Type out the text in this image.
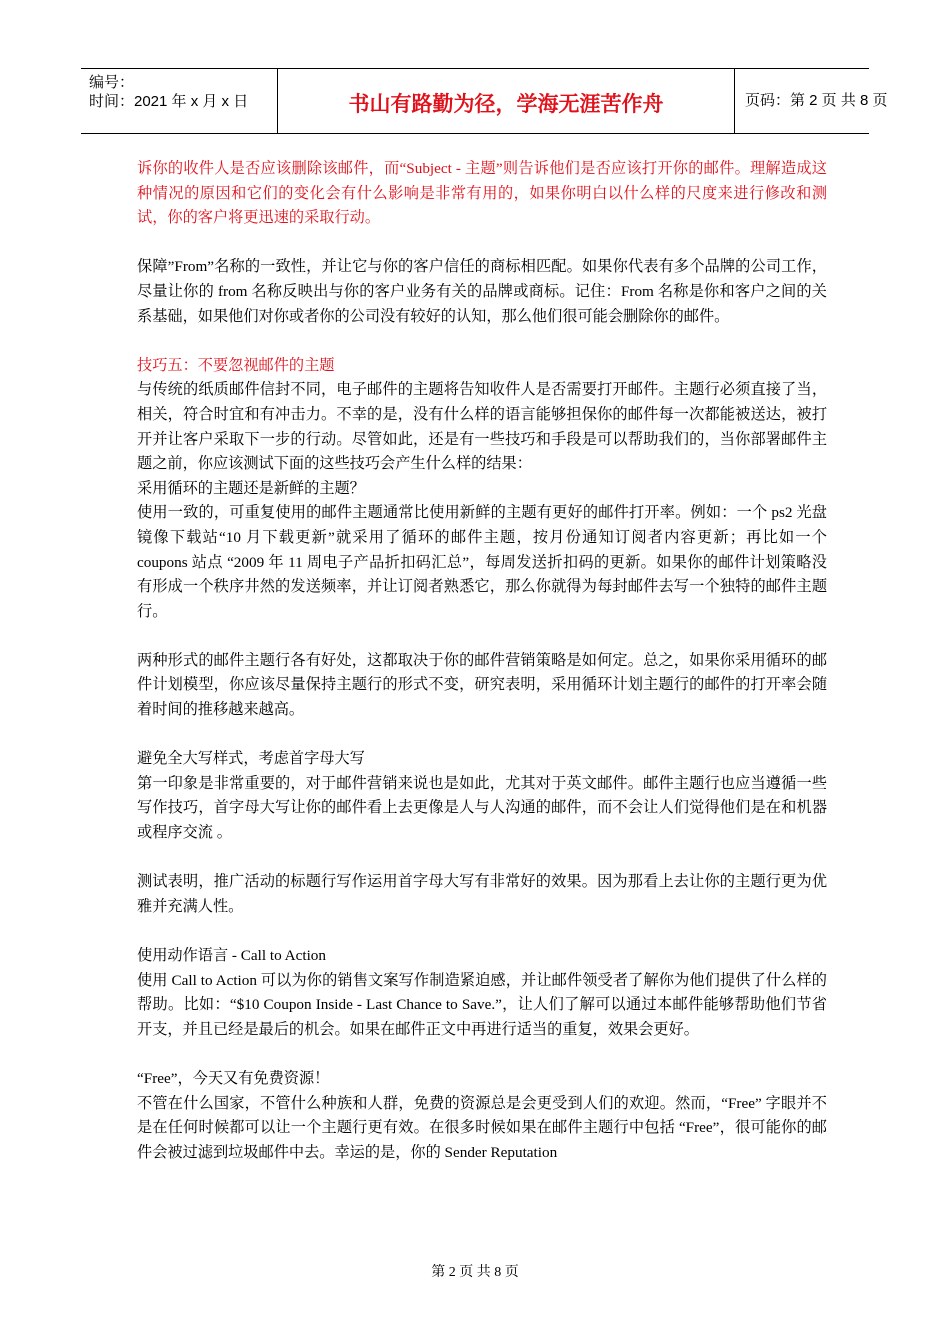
编号：
时间：2021 年 x 月 x 日	书山有路勤为径，学海无涯苦作舟	页码：第 2 页 共 8 页

诉你的收件人是否应该删除该邮件，而“Subject - 主题”则告诉他们是否应该打开你的邮件。理解造成这种情况的原因和它们的变化会有什么影响是非常有用的，如果你明白以什么样的尺度来进行修改和测试，你的客户将更迅速的采取行动。

保障”From”名称的一致性，并让它与你的客户信任的商标相匹配。如果你代表有多个品牌的公司工作，尽量让你的 from 名称反映出与你的客户业务有关的品牌或商标。记住：From 名称是你和客户之间的关系基础，如果他们对你或者你的公司没有较好的认知，那么他们很可能会删除你的邮件。

技巧五：不要忽视邮件的主题

与传统的纸质邮件信封不同，电子邮件的主题将告知收件人是否需要打开邮件。主题行必须直接了当，相关，符合时宜和有冲击力。不幸的是，没有什么样的语言能够担保你的邮件每一次都能被送达，被打开并让客户采取下一步的行动。尽管如此，还是有一些技巧和手段是可以帮助我们的，当你部署邮件主题之前，你应该测试下面的这些技巧会产生什么样的结果：

采用循环的主题还是新鲜的主题？

使用一致的，可重复使用的邮件主题通常比使用新鲜的主题有更好的邮件打开率。例如：一个 ps2 光盘镜像下载站“10 月下载更新”就采用了循环的邮件主题，按月份通知订阅者内容更新；再比如一个 coupons 站点 “2009 年 11 周电子产品折扣码汇总”，每周发送折扣码的更新。如果你的邮件计划策略没有形成一个秩序井然的发送频率，并让订阅者熟悉它，那么你就得为每封邮件去写一个独特的邮件主题行。

两种形式的邮件主题行各有好处，这都取决于你的邮件营销策略是如何定。总之，如果你采用循环的邮件计划模型，你应该尽量保持主题行的形式不变，研究表明，采用循环计划主题行的邮件的打开率会随着时间的推移越来越高。

避免全大写样式，考虑首字母大写

第一印象是非常重要的，对于邮件营销来说也是如此，尤其对于英文邮件。邮件主题行也应当遵循一些写作技巧，首字母大写让你的邮件看上去更像是人与人沟通的邮件，而不会让人们觉得他们是在和机器或程序交流 。

测试表明，推广活动的标题行写作运用首字母大写有非常好的效果。因为那看上去让你的主题行更为优雅并充满人性。

使用动作语言 - Call to Action

使用 Call to Action 可以为你的销售文案写作制造紧迫感，并让邮件领受者了解你为他们提供了什么样的帮助。比如：“$10 Coupon Inside - Last Chance to Save.”，让人们了解可以通过本邮件能够帮助他们节省开支，并且已经是最后的机会。如果在邮件正文中再进行适当的重复，效果会更好。

“Free”，今天又有免费资源！

不管在什么国家，不管什么种族和人群，免费的资源总是会更受到人们的欢迎。然而，“Free” 字眼并不是在任何时候都可以让一个主题行更有效。在很多时候如果在邮件主题行中包括 “Free”，很可能你的邮件会被过滤到垃圾邮件中去。幸运的是，你的 Sender Reputation

第 2 页 共 8 页
